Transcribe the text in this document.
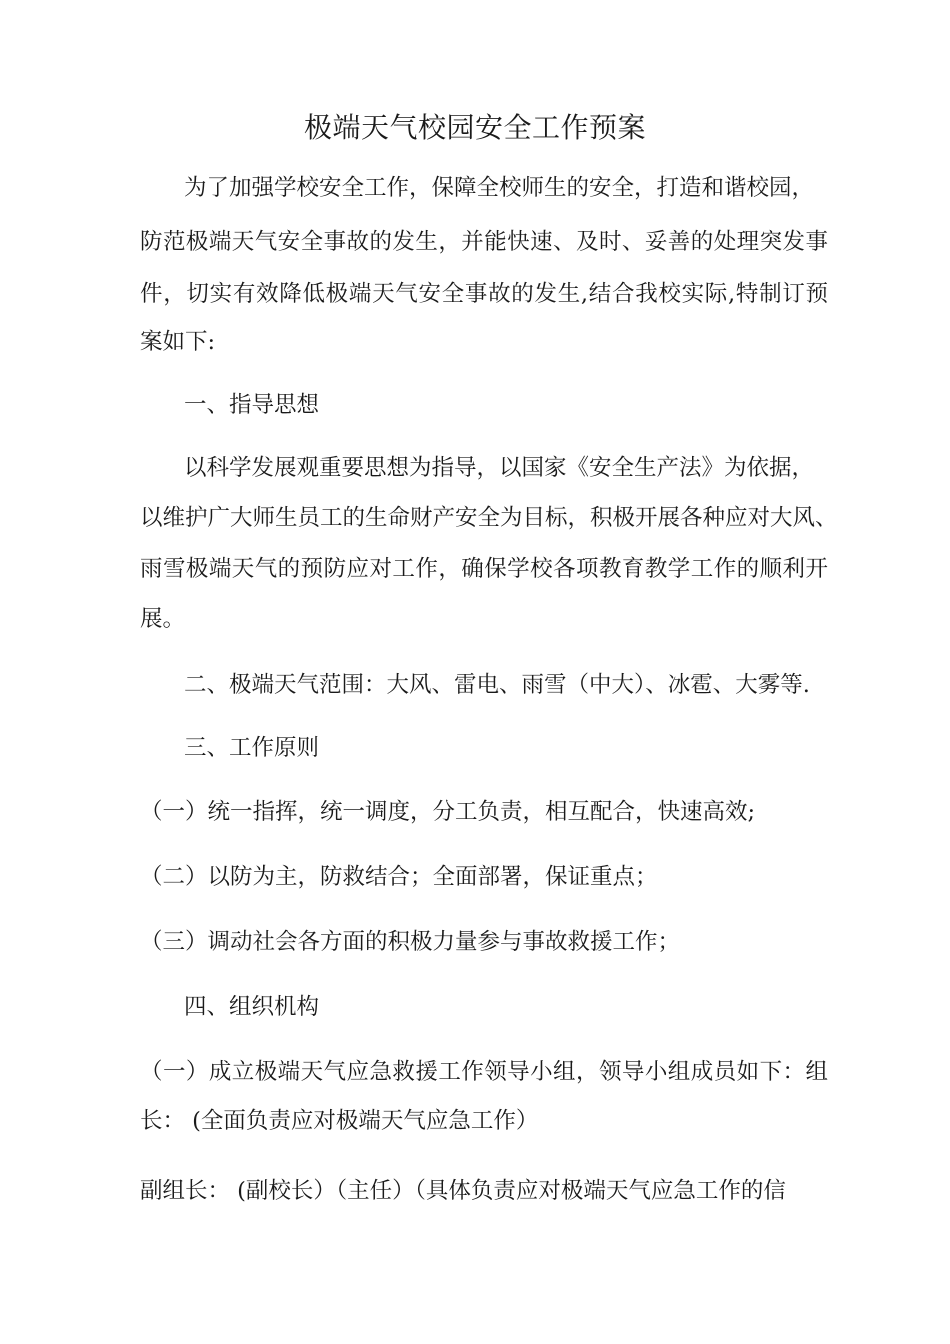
极端天气校园安全工作预案
为了加强学校安全工作，保障全校师生的安全，打造和谐校园，
防范极端天气安全事故的发生，并能快速、及时、妥善的处理突发事
件，切实有效降低极端天气安全事故的发生,结合我校实际,特制订预
案如下:
一、指导思想
以科学发展观重要思想为指导，以国家《安全生产法》为依据，
以维护广大师生员工的生命财产安全为目标，积极开展各种应对大风、
雨雪极端天气的预防应对工作，确保学校各项教育教学工作的顺利开
展。
二、极端天气范围：大风、雷电、雨雪（中大）、冰雹、大雾等.
三、工作原则
（一）统一指挥，统一调度，分工负责，相互配合，快速高效;
（二）以防为主，防救结合；全面部署，保证重点；
（三）调动社会各方面的积极力量参与事故救援工作；
四、组织机构
（一）成立极端天气应急救援工作领导小组，领导小组成员如下：组
长： (全面负责应对极端天气应急工作）
副组长： (副校长）（主任）（具体负责应对极端天气应急工作的信
